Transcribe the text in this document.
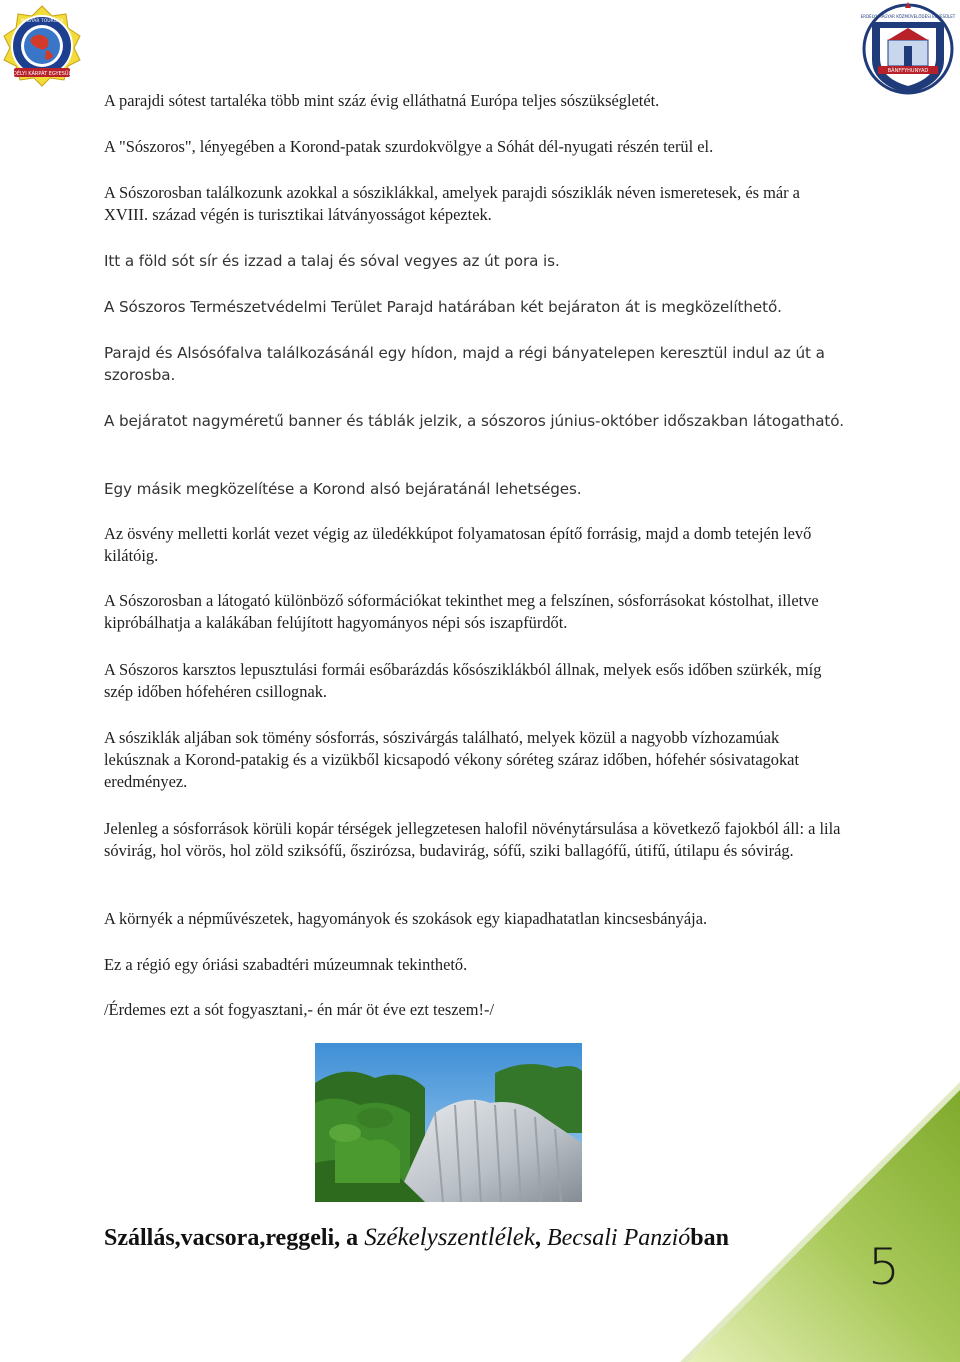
ERDÉLYI KÁRPÁT EGYESÜLET
MAGYAR TOURISTA
BÁNFFYHUNYAD
ERDÉLYI MAGYAR KÖZMŰVELŐDÉSI EGYESÜLET

A parajdi sótest tartaléka több mint száz évig elláthatná Európa teljes sószükségletét.

A "Sószoros", lényegében a Korond-patak szurdokvölgye a Sóhát dél-nyugati részén terül el.

A Sószorosban találkozunk azokkal a sósziklákkal, amelyek parajdi sósziklák néven ismeretesek, és már a XVIII. század végén is turisztikai látványosságot képeztek.

Itt a föld sót sír és izzad a talaj és sóval vegyes az út pora is.

A Sószoros Természetvédelmi Terület Parajd határában két bejáraton át is megközelíthető.

Parajd és Alsósófalva találkozásánál egy hídon, majd a régi bányatelepen keresztül indul az út a szorosba.

A bejáratot nagyméretű banner és táblák jelzik, a sószoros június-október időszakban látogatható.

Egy másik megközelítése a Korond alsó bejáratánál lehetséges.

Az ösvény melletti korlát vezet végig az üledékkúpot folyamatosan építő forrásig, majd a domb tetején levő kilátóig.

A Sószorosban a látogató különböző sóformációkat tekinthet meg a felszínen, sósforrásokat kóstolhat, illetve kipróbálhatja a kalákában felújított hagyományos népi sós iszapfürdőt.

A Sószoros karsztos lepusztulási formái esőbarázdás kősósziklákból állnak, melyek esős időben szürkék, míg szép időben hófehéren csillognak.

A sósziklák aljában sok tömény sósforrás, sószivárgás található, melyek közül a nagyobb vízhozamúak lekúsznak a Korond-patakig és a vizükből kicsapodó vékony sóréteg száraz időben, hófehér sósivatagokat eredményez.

Jelenleg a sósforrások körüli kopár térségek jellegzetesen halofil növénytársulása a következő fajokból áll: a lila sóvirág, hol vörös, hol zöld sziksófű, őszirózsa, budavirág, sófű, sziki ballagófű, útifű, útilapu és sóvirág.

A környék a népművészetek, hagyományok és szokások egy kiapadhatatlan kincsesbányája.

Ez a régió egy óriási szabadtéri múzeumnak tekinthető.

/Érdemes ezt a sót fogyasztani,- én már öt éve ezt teszem!-/

Szállás,vacsora,reggeli, a Székelyszentlélek, Becsali Panzióban	5
